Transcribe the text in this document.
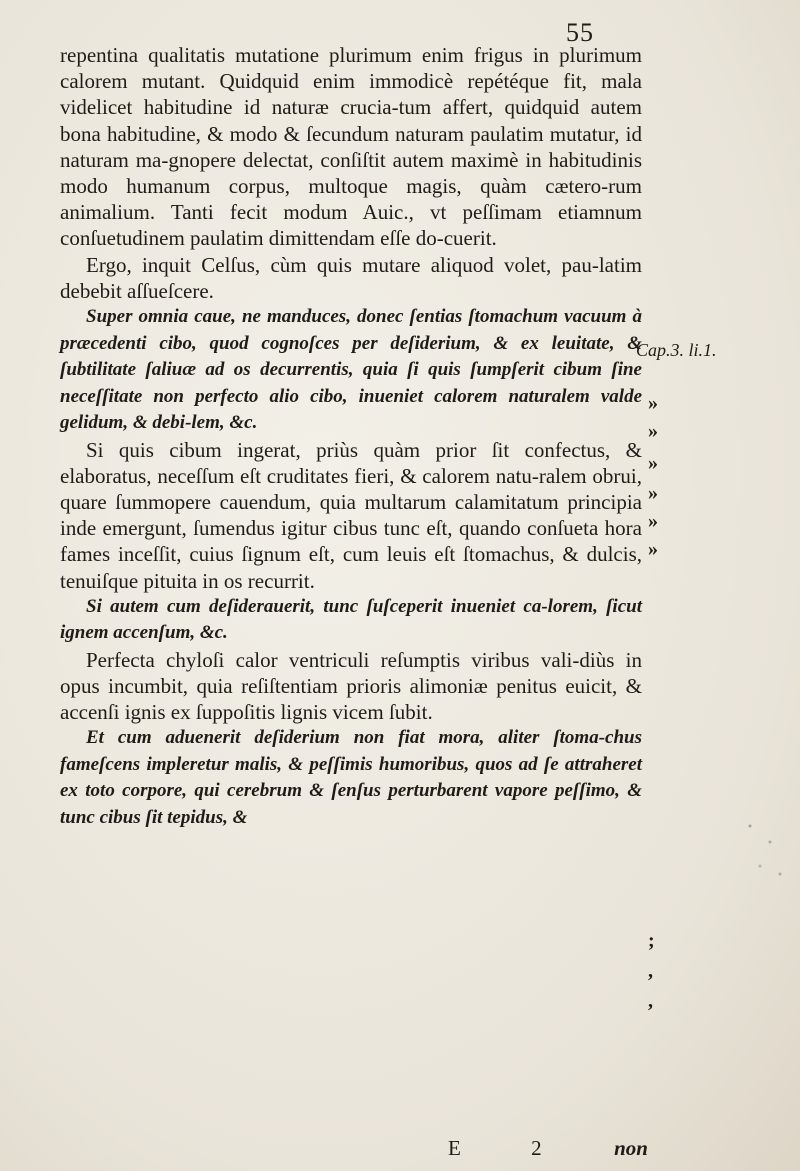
55

repentina qualitatis mutatione plurimum enim frigus in plurimum calorem mutant. Quidquid enim immodicè repétéque fit, mala videlicet habitudine id naturæ crucia-tum affert, quidquid autem bona habitudine, & modo & ſecundum naturam paulatim mutatur, id naturam ma-gnopere delectat, conſiſtit autem maximè in habitudinis modo humanum corpus, multoque magis, quàm cætero-rum animalium. Tanti fecit modum Auic., vt peſſimam etiamnum conſuetudinem paulatim dimittendam eſſe do-cuerit.

Ergo, inquit Celſus, cùm quis mutare aliquod volet, pau-latim debebit aſſueſcere.

Super omnia caue, ne manduces, donec ſentias ſtomachum vacuum à præcedenti cibo, quod cognoſces per deſiderium, & ex leuitate, & ſubtilitate ſaliuæ ad os decurrentis, quia ſi quis ſumpſerit cibum ſine neceſſitate non perfecto alio cibo, inueniet calorem naturalem valde gelidum, & debi-lem, &c.

Si quis cibum ingerat, priùs quàm prior ſit confectus, & elaboratus, neceſſum eſt cruditates fieri, & calorem natu-ralem obrui, quare ſummopere cauendum, quia multarum calamitatum principia inde emergunt, ſumendus igitur cibus tunc eſt, quando conſueta hora fames inceſſit, cuius ſignum eſt, cum leuis eſt ſtomachus, & dulcis, tenuiſque pituita in os recurrit.

Si autem cum deſiderauerit, tunc ſuſceperit inueniet ca-lorem, ſicut ignem accenſum, &c.

Perfecta chyloſi calor ventriculi reſumptis viribus vali-diùs in opus incumbit, quia reſiſtentiam prioris alimoniæ penitus euicit, & accenſi ignis ex ſuppoſitis lignis vicem ſubit.

Et cum aduenerit deſiderium non fiat mora, aliter ſtoma-chus fameſcens impleretur malis, & peſſimis humoribus, quos ad ſe attraheret ex toto corpore, qui cerebrum & ſenſus perturbarent vapore peſſimo, & tunc cibus ſit tepidus, &

Cap.3. li.1.
»
»
»
»
»
»
;
,
,
E	2	non
